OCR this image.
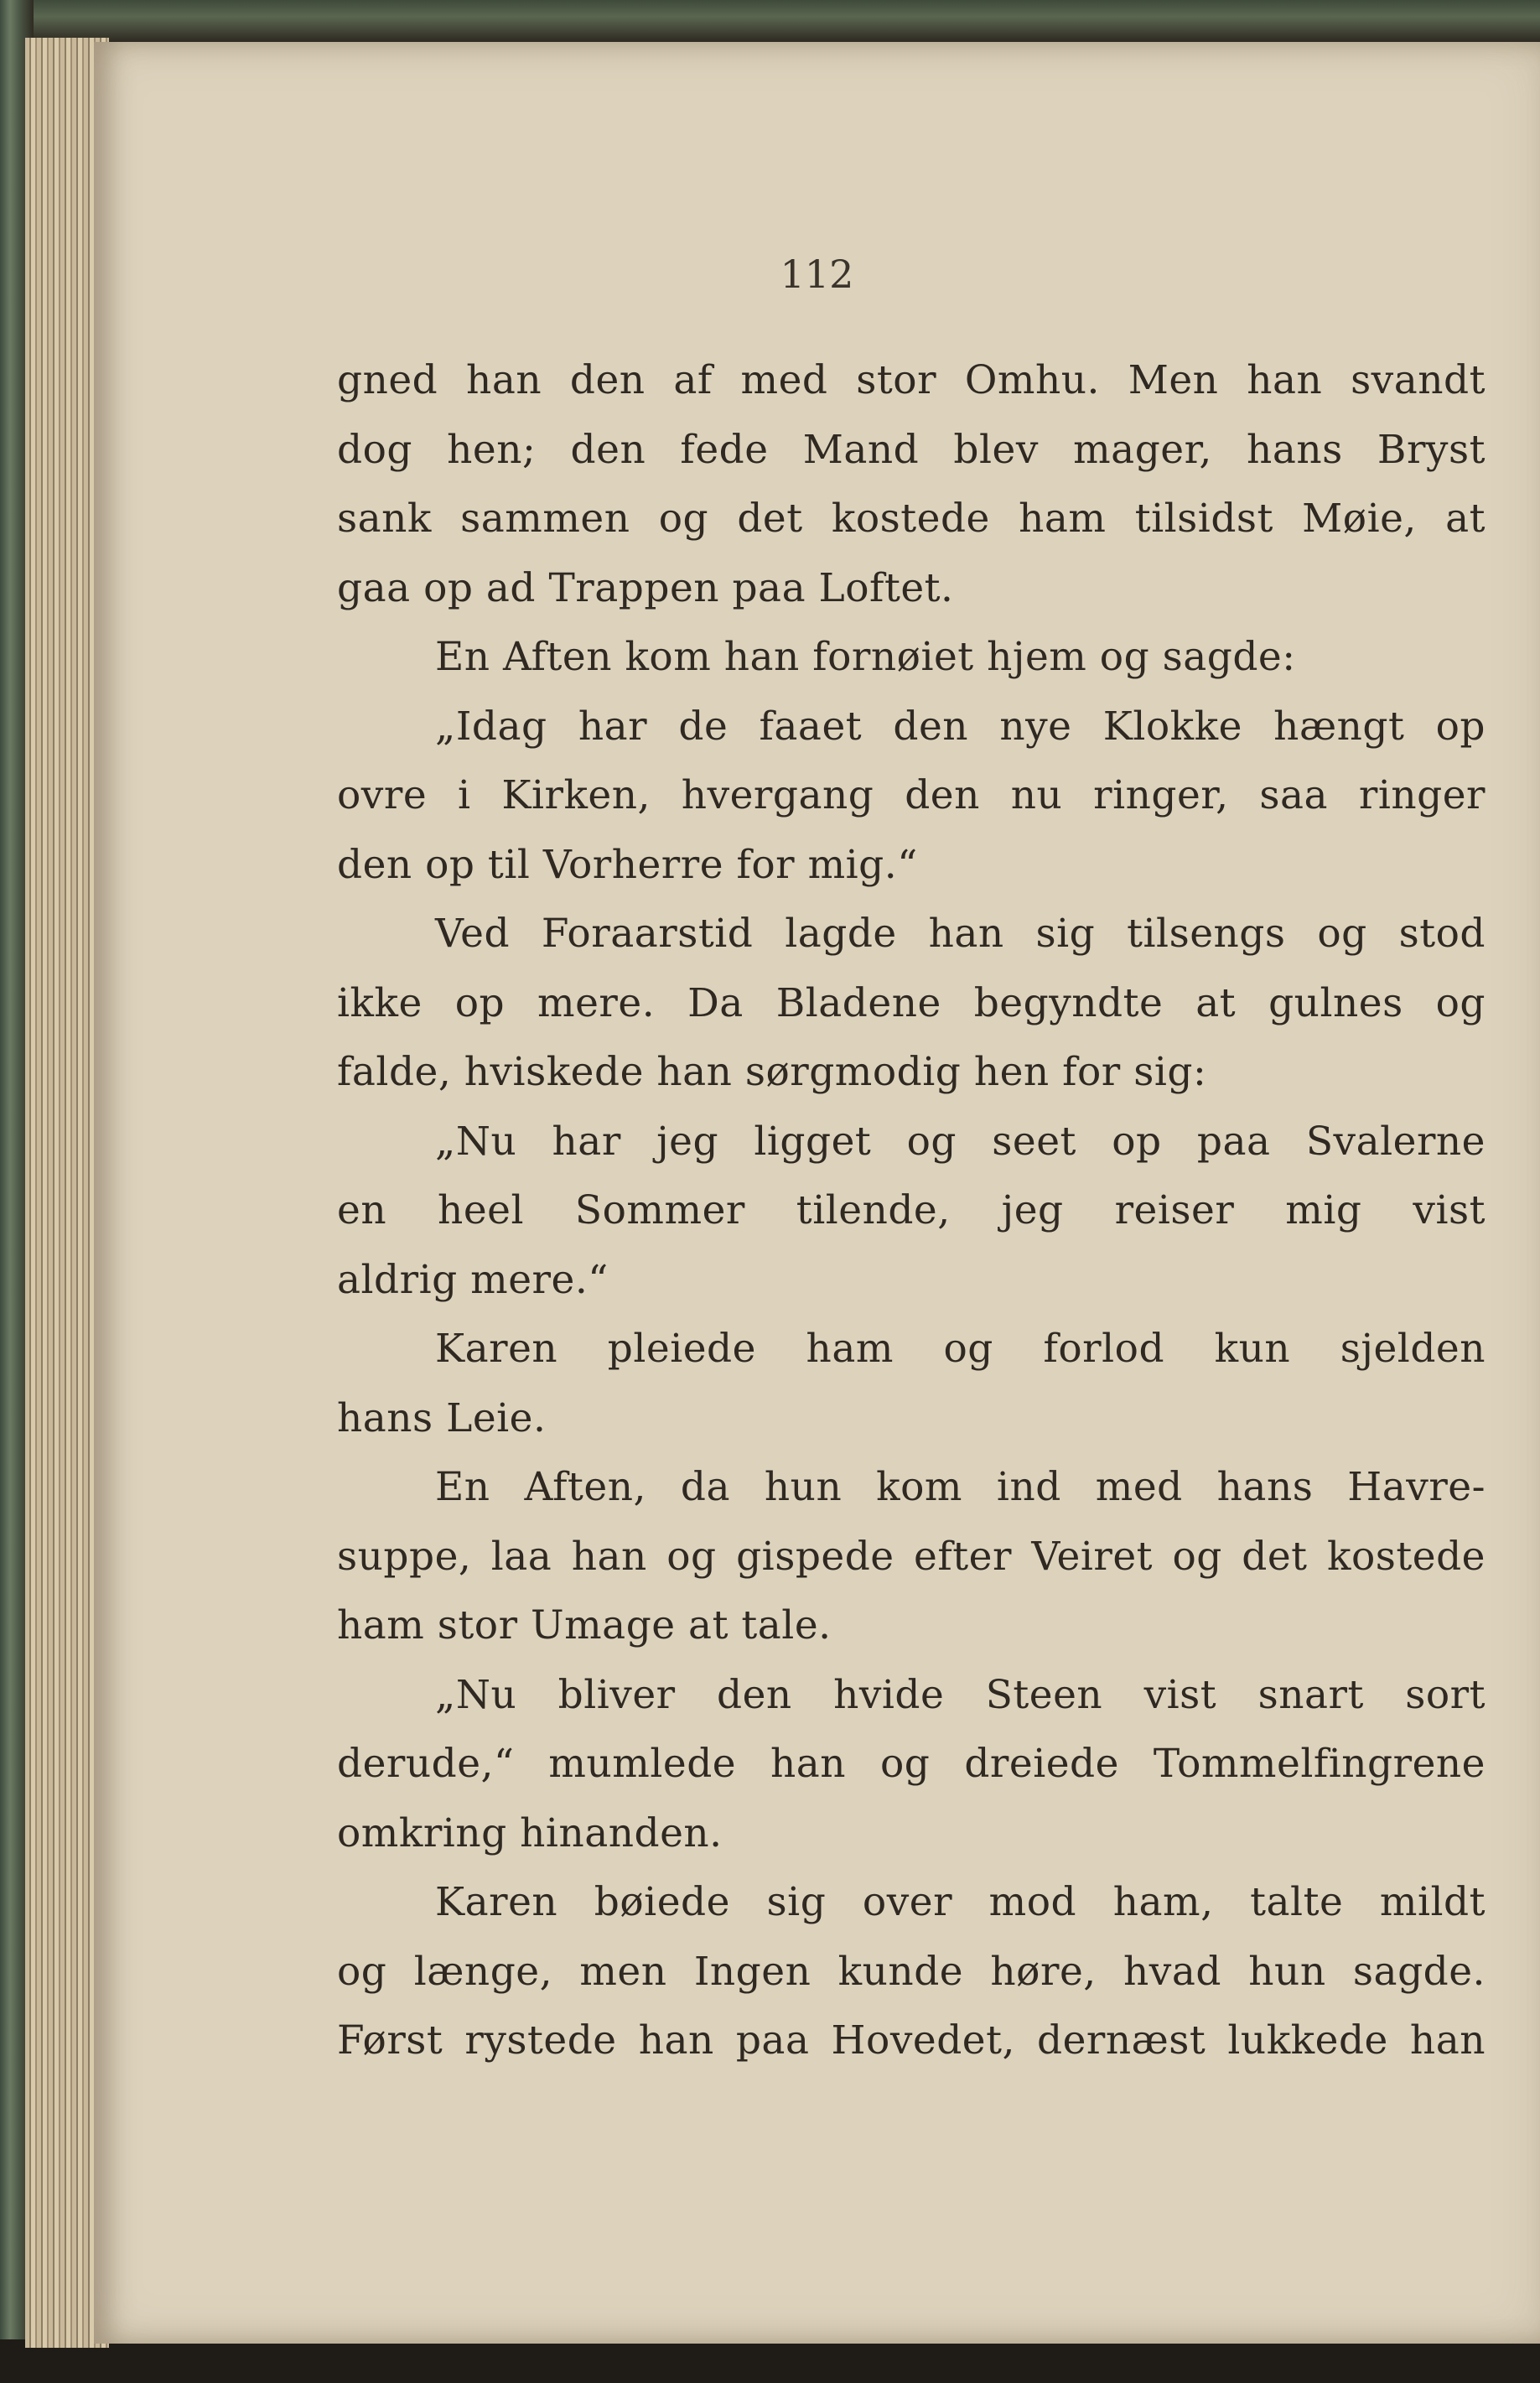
112

gned han den af med stor Omhu. Men han svandt
dog hen; den fede Mand blev mager, hans Bryst
sank sammen og det kostede ham tilsidst Møie, at
gaa op ad Trappen paa Loftet.
En Aften kom han fornøiet hjem og sagde:
„Idag har de faaet den nye Klokke hængt op
ovre i Kirken, hvergang den nu ringer, saa ringer
den op til Vorherre for mig.“
Ved Foraarstid lagde han sig tilsengs og stod
ikke op mere. Da Bladene begyndte at gulnes og
falde, hviskede han sørgmodig hen for sig:
„Nu har jeg ligget og seet op paa Svalerne
en heel Sommer tilende, jeg reiser mig vist
aldrig mere.“
Karen pleiede ham og forlod kun sjelden
hans Leie.
En Aften, da hun kom ind med hans Havre-
suppe, laa han og gispede efter Veiret og det kostede
ham stor Umage at tale.
„Nu bliver den hvide Steen vist snart sort
derude,“ mumlede han og dreiede Tommelfingrene
omkring hinanden.
Karen bøiede sig over mod ham, talte mildt
og længe, men Ingen kunde høre, hvad hun sagde.
Først rystede han paa Hovedet, dernæst lukkede han
